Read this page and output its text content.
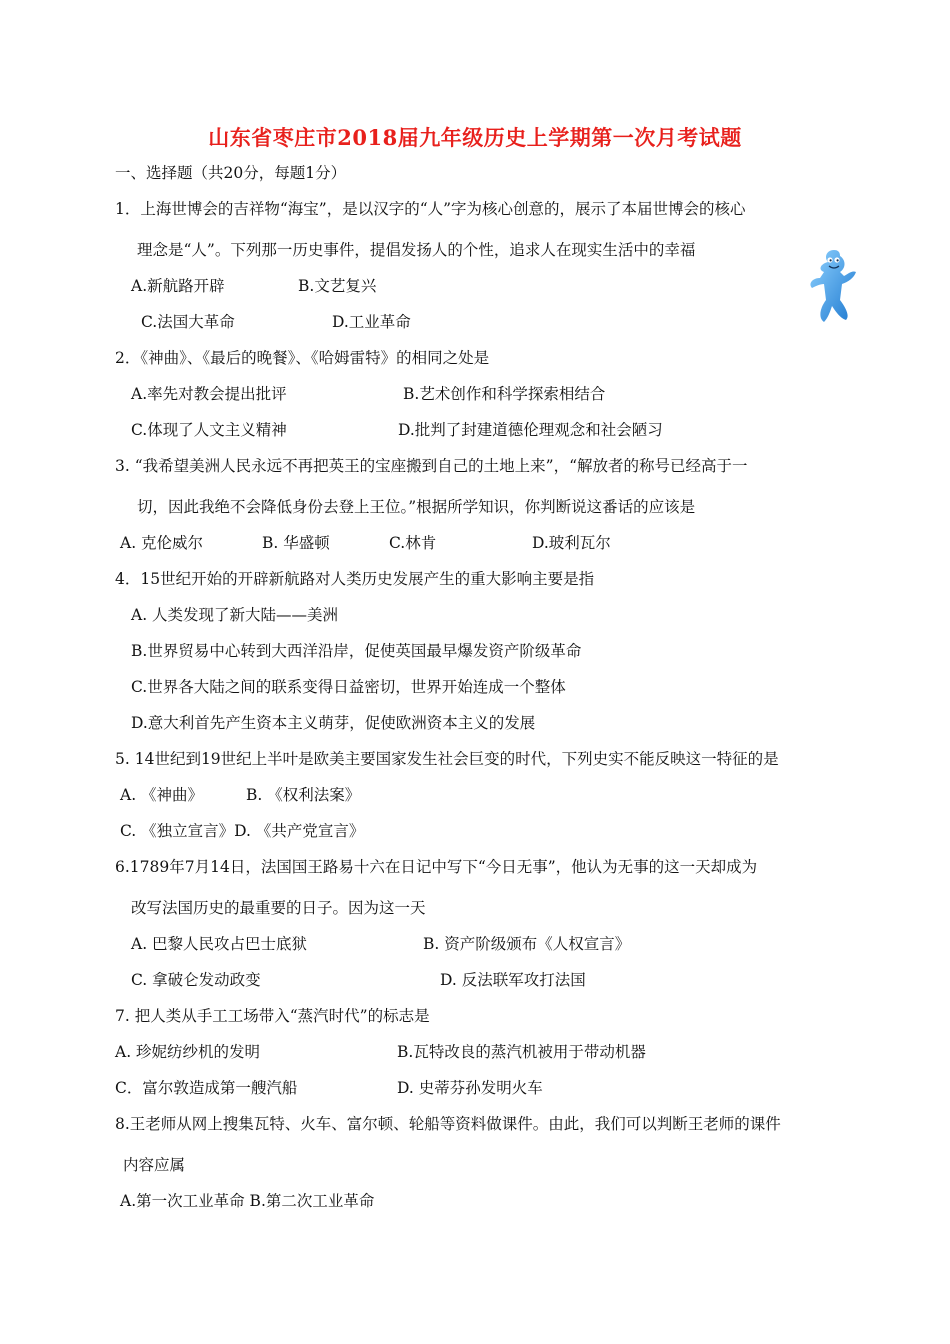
山东省枣庄市2018届九年级历史上学期第一次月考试题
一、选择题（共20分，每题1分）
1．上海世博会的吉祥物“海宝”，是以汉字的“人”字为核心创意的，展示了本届世博会的核心
理念是“人”。下列那一历史事件，提倡发扬人的个性，追求人在现实生活中的幸福
A.新航路开辟	B.文艺复兴
C.法国大革命	D.工业革命
2．《神曲》、《最后的晚餐》、《哈姆雷特》的相同之处是
A.率先对教会提出批评	B.艺术创作和科学探索相结合
C.体现了人文主义精神	D.批判了封建道德伦理观念和社会陋习
3. “我希望美洲人民永远不再把英王的宝座搬到自己的土地上来”，“解放者的称号已经高于一
切，因此我绝不会降低身份去登上王位。”根据所学知识，你判断说这番话的应该是
A. 克伦威尔	B. 华盛顿	C.林肯	D.玻利瓦尔
4．15世纪开始的开辟新航路对人类历史发展产生的重大影响主要是指
A. 人类发现了新大陆——美洲
B.世界贸易中心转到大西洋沿岸，促使英国最早爆发资产阶级革命
C.世界各大陆之间的联系变得日益密切，世界开始连成一个整体
D.意大利首先产生资本主义萌芽，促使欧洲资本主义的发展
5. 14世纪到19世纪上半叶是欧美主要国家发生社会巨变的时代，下列史实不能反映这一特征的是
A. 《神曲》	B. 《权利法案》
C. 《独立宣言》D. 《共产党宣言》
6.1789年7月14日，法国国王路易十六在日记中写下“今日无事”，他认为无事的这一天却成为
改写法国历史的最重要的日子。因为这一天
A. 巴黎人民攻占巴士底狱	B. 资产阶级颁布《人权宣言》
C. 拿破仑发动政变	D. 反法联军攻打法国
7. 把人类从手工工场带入“蒸汽时代”的标志是
A. 珍妮纺纱机的发明	B.瓦特改良的蒸汽机被用于带动机器
C．富尔敦造成第一艘汽船	D. 史蒂芬孙发明火车
8.王老师从网上搜集瓦特、火车、富尔顿、轮船等资料做课件。由此，我们可以判断王老师的课件
内容应属
A.第一次工业革命 B.第二次工业革命
